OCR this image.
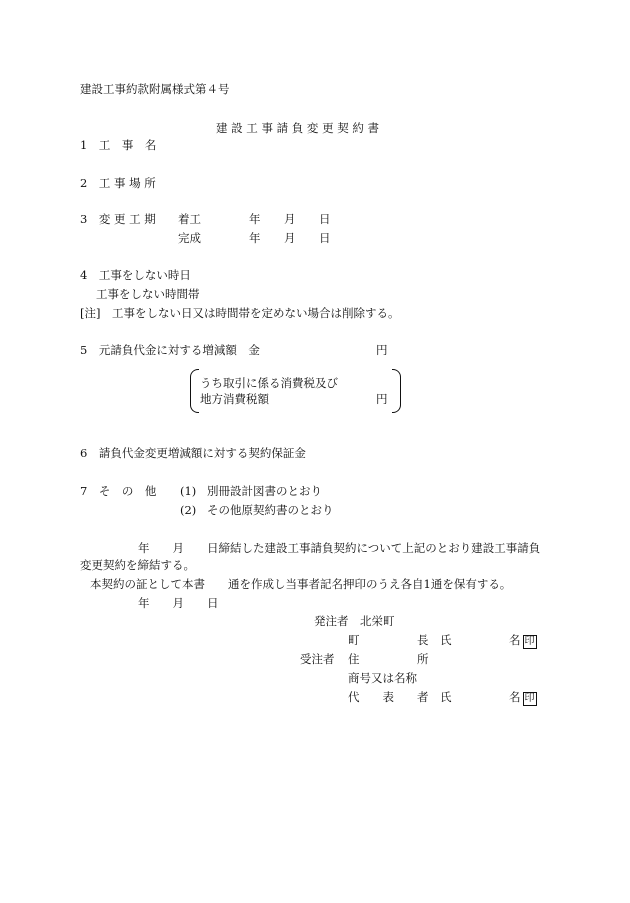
建設工事約款附属様式第４号
建 設 工 事 請 負 変 更 契 約 書
1　工　事　名
2　工 事 場 所
3　変 更 工 期 着工	年 月 日
完成	年 月 日
4　工事をしない時日
工事をしない時間帯
[注]　工事をしない日又は時間帯を定めない場合は削除する。
5　元請負代金に対する増減額　金	円
うち取引に係る消費税及び
地方消費税額	円
6　請負代金変更増減額に対する契約保証金
7　そ　の　他 (1) 別冊設計図書のとおり
(2) その他原契約書のとおり
年　　月　　日締結した建設工事請負契約について上記のとおり建設工事請負
変更契約を締結する。
本契約の証として本書　　通を作成し当事者記名押印のうえ各自1通を保有する。
年　　月　　日
発注者　北栄町
町　　　　　長　氏　　　　　名 印
受注者 住　　　　　所
商号又は名称
代　　表　　者　氏　　　　　名 印
